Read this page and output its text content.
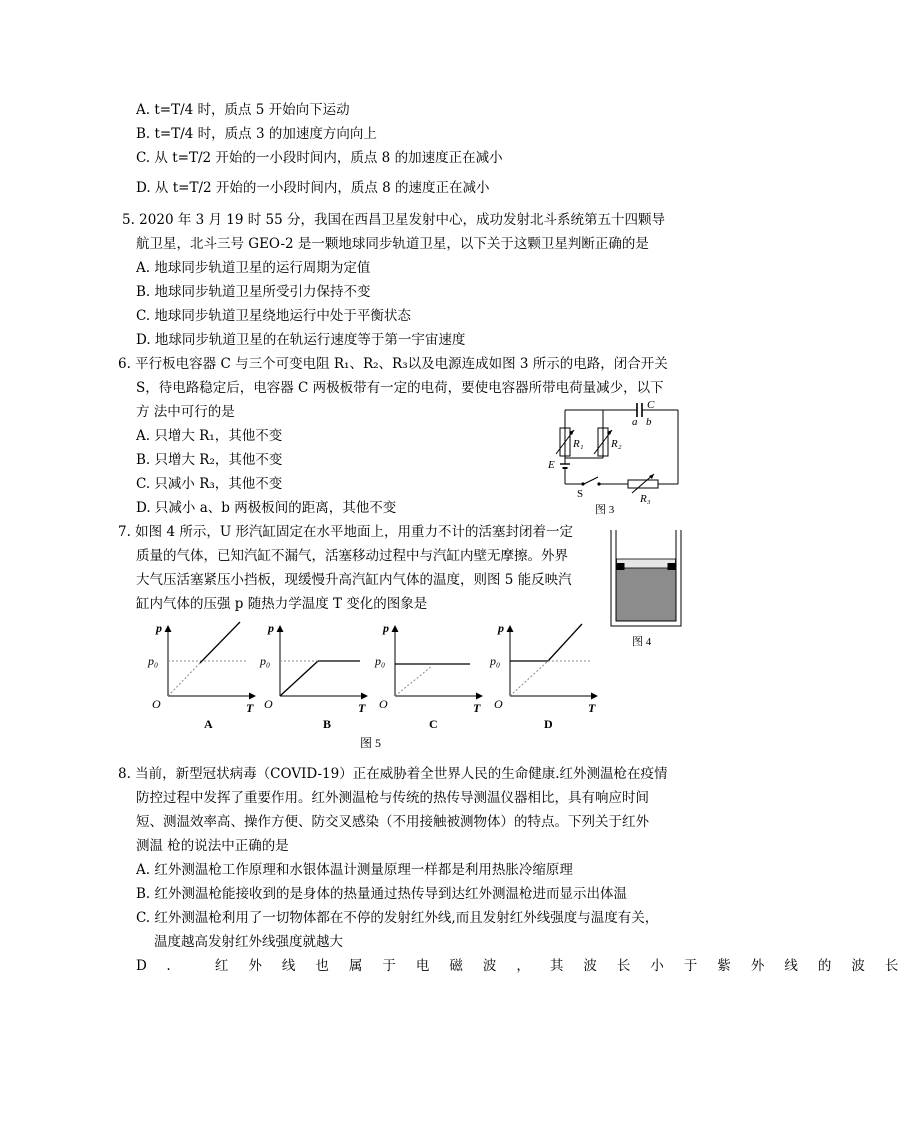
A. t=T/4 时，质点 5 开始向下运动
B. t=T/4 时，质点 3 的加速度方向向上
C. 从 t=T/2 开始的一小段时间内，质点 8 的加速度正在减小
D. 从 t=T/2 开始的一小段时间内，质点 8 的速度正在减小
5. 2020 年 3 月 19 时 55 分，我国在西昌卫星发射中心，成功发射北斗系统第五十四颗导
航卫星，北斗三号 GEO-2 是一颗地球同步轨道卫星，以下关于这颗卫星判断正确的是
A. 地球同步轨道卫星的运行周期为定值
B. 地球同步轨道卫星所受引力保持不变
C. 地球同步轨道卫星绕地运行中处于平衡状态
D. 地球同步轨道卫星的在轨运行速度等于第一宇宙速度
6. 平行板电容器 C 与三个可变电阻 R₁、R₂、R₃以及电源连成如图 3 所示的电路，闭合开关
S，待电路稳定后，电容器 C 两极板带有一定的电荷，要使电容器所带电荷量减少，以下
方 法中可行的是
A. 只增大 R₁，其他不变
B. 只增大 R₂，其他不变
C. 只减小 R₃，其他不变
D. 只减小 a、b 两极板间的距离，其他不变
C
a b
R₁ R₂
E
R₃
S
图 3
7. 如图 4 所示，U 形汽缸固定在水平地面上，用重力不计的活塞封闭着一定
质量的气体，已知汽缸不漏气，活塞移动过程中与汽缸内壁无摩擦。外界
大气压活塞紧压小挡板，现缓慢升高汽缸内气体的温度，则图 5 能反映汽
缸内气体的压强 p 随热力学温度 T 变化的图象是
图 4
p
p₀
O	T
A
p
p₀
O	T
B
p
p₀
O	T
C
p
p₀
O	T
D
图 5
8. 当前，新型冠状病毒（COVID-19）正在威胁着全世界人民的生命健康.红外测温枪在疫情
防控过程中发挥了重要作用。红外测温枪与传统的热传导测温仪器相比，具有响应时间
短、测温效率高、操作方便、防交叉感染（不用接触被测物体）的特点。下列关于红外
测温 枪的说法中正确的是
A. 红外测温枪工作原理和水银体温计测量原理一样都是利用热胀冷缩原理
B. 红外测温枪能接收到的是身体的热量通过热传导到达红外测温枪进而显示出体温
C. 红外测温枪利用了一切物体都在不停的发射红外线,而且发射红外线强度与温度有关，
温度越高发射红外线强度就越大
D. 红外线也属于电磁波，其波长小于紫外线的波长
